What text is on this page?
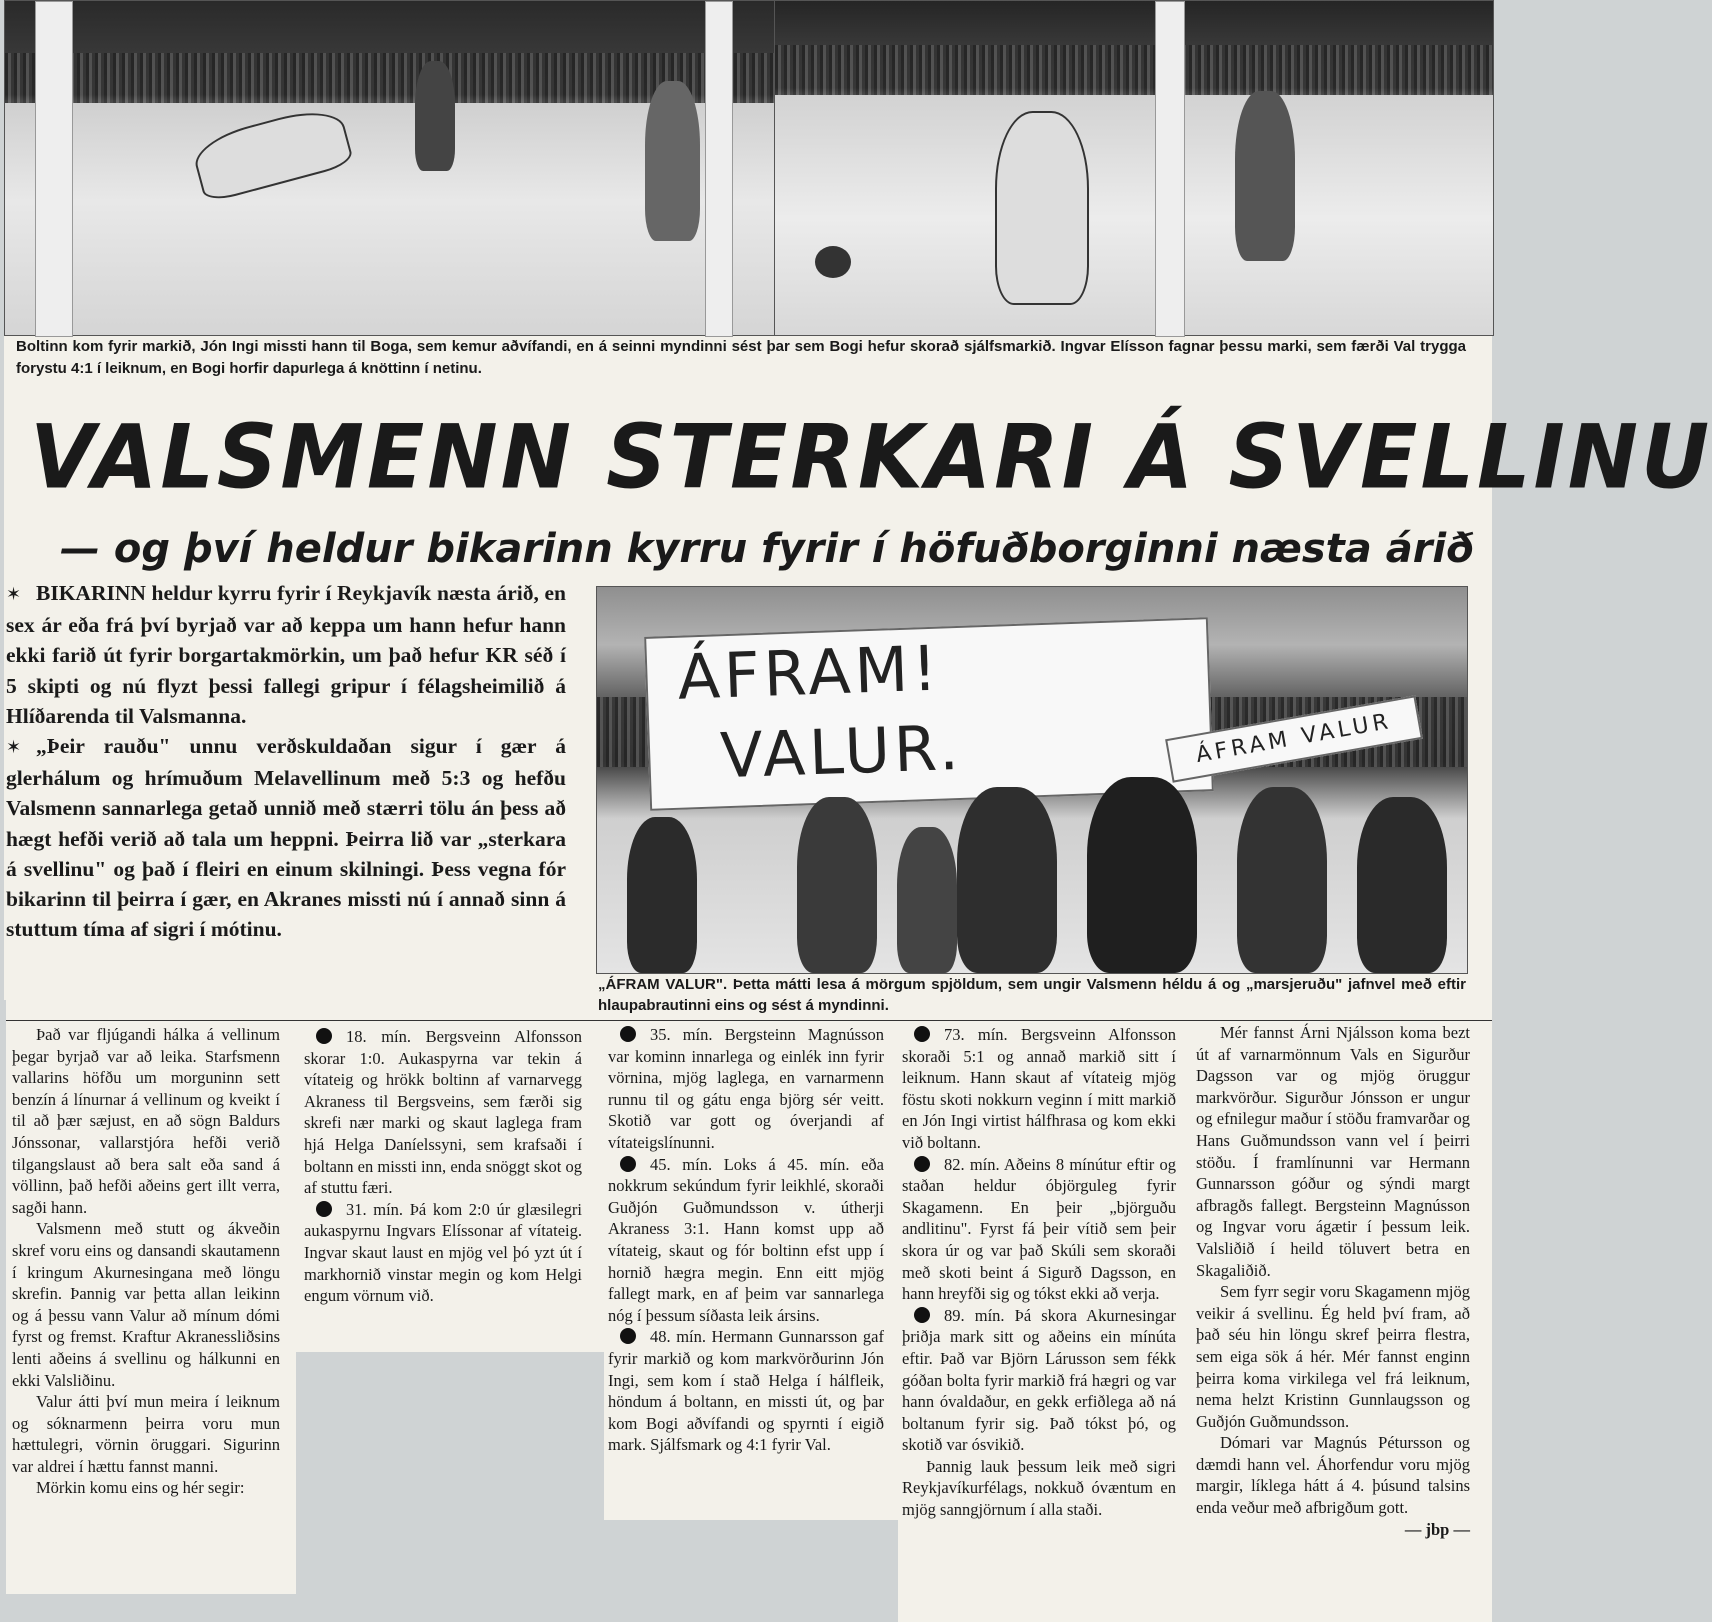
Boltinn kom fyrir markið, Jón Ingi missti hann til Boga, sem kemur aðvífandi, en á seinni myndinni sést þar sem Bogi hefur skorað sjálfsmarkið. Ingvar Elísson fagnar þessu marki, sem færði Val trygga forystu 4:1 í leiknum, en Bogi horfir dapurlega á knöttinn í netinu.
VALSMENN STERKARI Á SVELLINU
— og því heldur bikarinn kyrru fyrir í höfuðborginni næsta árið

✶ BIKARINN heldur kyrru fyrir í Reykjavík næsta árið, en sex ár eða frá því byrjað var að keppa um hann hefur hann ekki farið út fyrir borgartakmörkin, um það hefur KR séð í 5 skipti og nú flyzt þessi fallegi gripur í félagsheimilið á Hlíðarenda til Valsmanna.

✶ „Þeir rauðu" unnu verðskuldaðan sigur í gær á glerhálum og hrímuðum Melavellinum með 5:3 og hefðu Valsmenn sannarlega getað unnið með stærri tölu án þess að hægt hefði verið að tala um heppni. Þeirra lið var „sterkara á svellinu" og það í fleiri en einum skilningi. Þess vegna fór bikarinn til þeirra í gær, en Akranes missti nú í annað sinn á stuttum tíma af sigri í mótinu.

ÁFRAM!
VALUR.	ÁFRAM VALUR
„ÁFRAM VALUR". Þetta mátti lesa á mörgum spjöldum, sem ungir Valsmenn héldu á og „marsjeruðu" jafnvel með eftir hlaupabrautinni eins og sést á myndinni.

Það var fljúgandi hálka á vellinum þegar byrjað var að leika. Starfsmenn vallarins höfðu um morguninn sett benzín á línurnar á vellinum og kveikt í til að þær sæjust, en að sögn Baldurs Jónssonar, vallarstjóra hefði verið tilgangslaust að bera salt eða sand á völlinn, það hefði aðeins gert illt verra, sagði hann.

Valsmenn með stutt og ákveðin skref voru eins og dansandi skautamenn í kringum Akurnesingana með löngu skrefin. Þannig var þetta allan leikinn og á þessu vann Valur að mínum dómi fyrst og fremst. Kraftur Akranessliðsins lenti aðeins á svellinu og hálkunni en ekki Valsliðinu.

Valur átti því mun meira í leiknum og sóknarmenn þeirra voru mun hættulegri, vörnin öruggari. Sigurinn var aldrei í hættu fannst manni.

Mörkin komu eins og hér segir:

18. mín. Bergsveinn Alfonsson skorar 1:0. Aukaspyrna var tekin á vítateig og hrökk boltinn af varnarvegg Akraness til Bergsveins, sem færði sig skrefi nær marki og skaut laglega fram hjá Helga Daníelssyni, sem krafsaði í boltann en missti inn, enda snöggt skot og af stuttu færi.

31. mín. Þá kom 2:0 úr glæsilegri aukaspyrnu Ingvars Elíssonar af vítateig. Ingvar skaut laust en mjög vel þó yzt út í markhornið vinstar megin og kom Helgi engum vörnum við.

35. mín. Bergsteinn Magnússon var kominn innarlega og einlék inn fyrir vörnina, mjög laglega, en varnarmenn runnu til og gátu enga björg sér veitt. Skotið var gott og óverjandi af vítateigslínunni.

45. mín. Loks á 45. mín. eða nokkrum sekúndum fyrir leikhlé, skoraði Guðjón Guðmundsson v. útherji Akraness 3:1. Hann komst upp að vítateig, skaut og fór boltinn efst upp í hornið hægra megin. Enn eitt mjög fallegt mark, en af þeim var sannarlega nóg í þessum síðasta leik ársins.

48. mín. Hermann Gunnarsson gaf fyrir markið og kom markvörðurinn Jón Ingi, sem kom í stað Helga í hálfleik, höndum á boltann, en missti út, og þar kom Bogi aðvífandi og spyrnti í eigið mark. Sjálfsmark og 4:1 fyrir Val.

73. mín. Bergsveinn Alfonsson skoraði 5:1 og annað markið sitt í leiknum. Hann skaut af vítateig mjög föstu skoti nokkurn veginn í mitt markið en Jón Ingi virtist hálfhrasa og kom ekki við boltann.

82. mín. Aðeins 8 mínútur eftir og staðan heldur óbjörguleg fyrir Skagamenn. En þeir „björguðu andlitinu". Fyrst fá þeir vítið sem þeir skora úr og var það Skúli sem skoraði með skoti beint á Sigurð Dagsson, en hann hreyfði sig og tókst ekki að verja.

89. mín. Þá skora Akurnesingar þriðja mark sitt og aðeins ein mínúta eftir. Það var Björn Lárusson sem fékk góðan bolta fyrir markið frá hægri og var hann óvaldaður, en gekk erfiðlega að ná boltanum fyrir sig. Það tókst þó, og skotið var ósvikið.

Þannig lauk þessum leik með sigri Reykjavíkurfélags, nokkuð óvæntum en mjög sanngjörnum í alla staði.

Mér fannst Árni Njálsson koma bezt út af varnarmönnum Vals en Sigurður Dagsson var og mjög öruggur markvörður. Sigurður Jónsson er ungur og efnilegur maður í stöðu framvarðar og Hans Guðmundsson vann vel í þeirri stöðu. Í framlínunni var Hermann Gunnarsson góður og sýndi margt afbragðs fallegt. Bergsteinn Magnússon og Ingvar voru ágætir í þessum leik. Valsliðið í heild töluvert betra en Skagaliðið.

Sem fyrr segir voru Skagamenn mjög veikir á svellinu. Ég held því fram, að það séu hin löngu skref þeirra flestra, sem eiga sök á hér. Mér fannst enginn þeirra koma virkilega vel frá leiknum, nema helzt Kristinn Gunnlaugsson og Guðjón Guðmundsson.

Dómari var Magnús Pétursson og dæmdi hann vel. Áhorfendur voru mjög margir, líklega hátt á 4. þúsund talsins enda veður með afbrigðum gott.

— jbp —
